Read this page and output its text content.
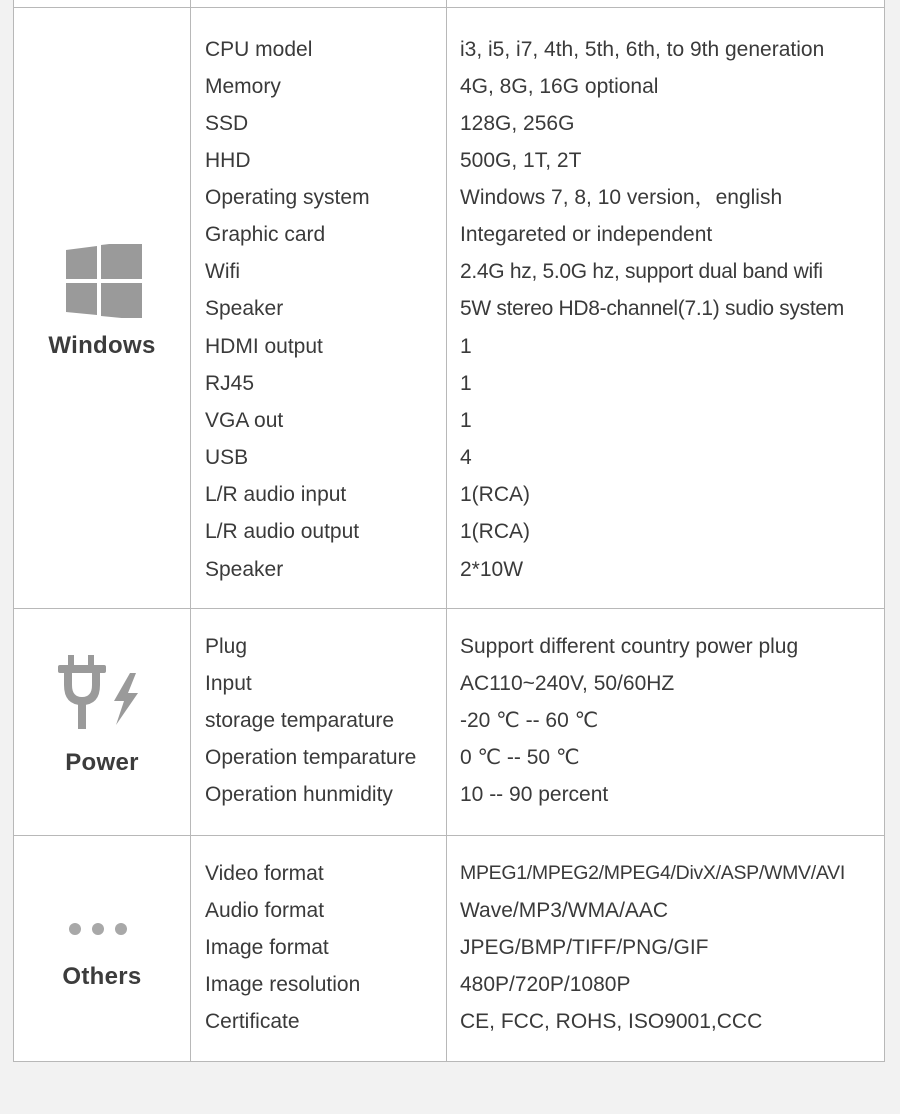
Windows
CPU model	i3, i5, i7, 4th, 5th, 6th, to 9th generation
Memory	4G, 8G, 16G optional
SSD	128G, 256G
HHD	500G, 1T, 2T
Operating system	Windows 7, 8, 10 version，english
Graphic card	Integareted or independent
Wifi	2.4G hz, 5.0G hz, support dual band wifi
Speaker	5W stereo HD8-channel(7.1) sudio system
HDMI output	1
RJ45	1
VGA out	1
USB	4
L/R audio input	1(RCA)
L/R audio output	1(RCA)
Speaker	2*10W
Power
Plug	Support different country power plug
Input	AC110~240V, 50/60HZ
storage temparature	-20 ℃ -- 60 ℃
Operation temparature 0 ℃ -- 50 ℃
Operation hunmidity	10 -- 90 percent
Others
Video format	MPEG1/MPEG2/MPEG4/DivX/ASP/WMV/AVI
Audio format	Wave/MP3/WMA/AAC
Image format	JPEG/BMP/TIFF/PNG/GIF
Image resolution	480P/720P/1080P
Certificate	CE, FCC, ROHS, ISO9001,CCC
